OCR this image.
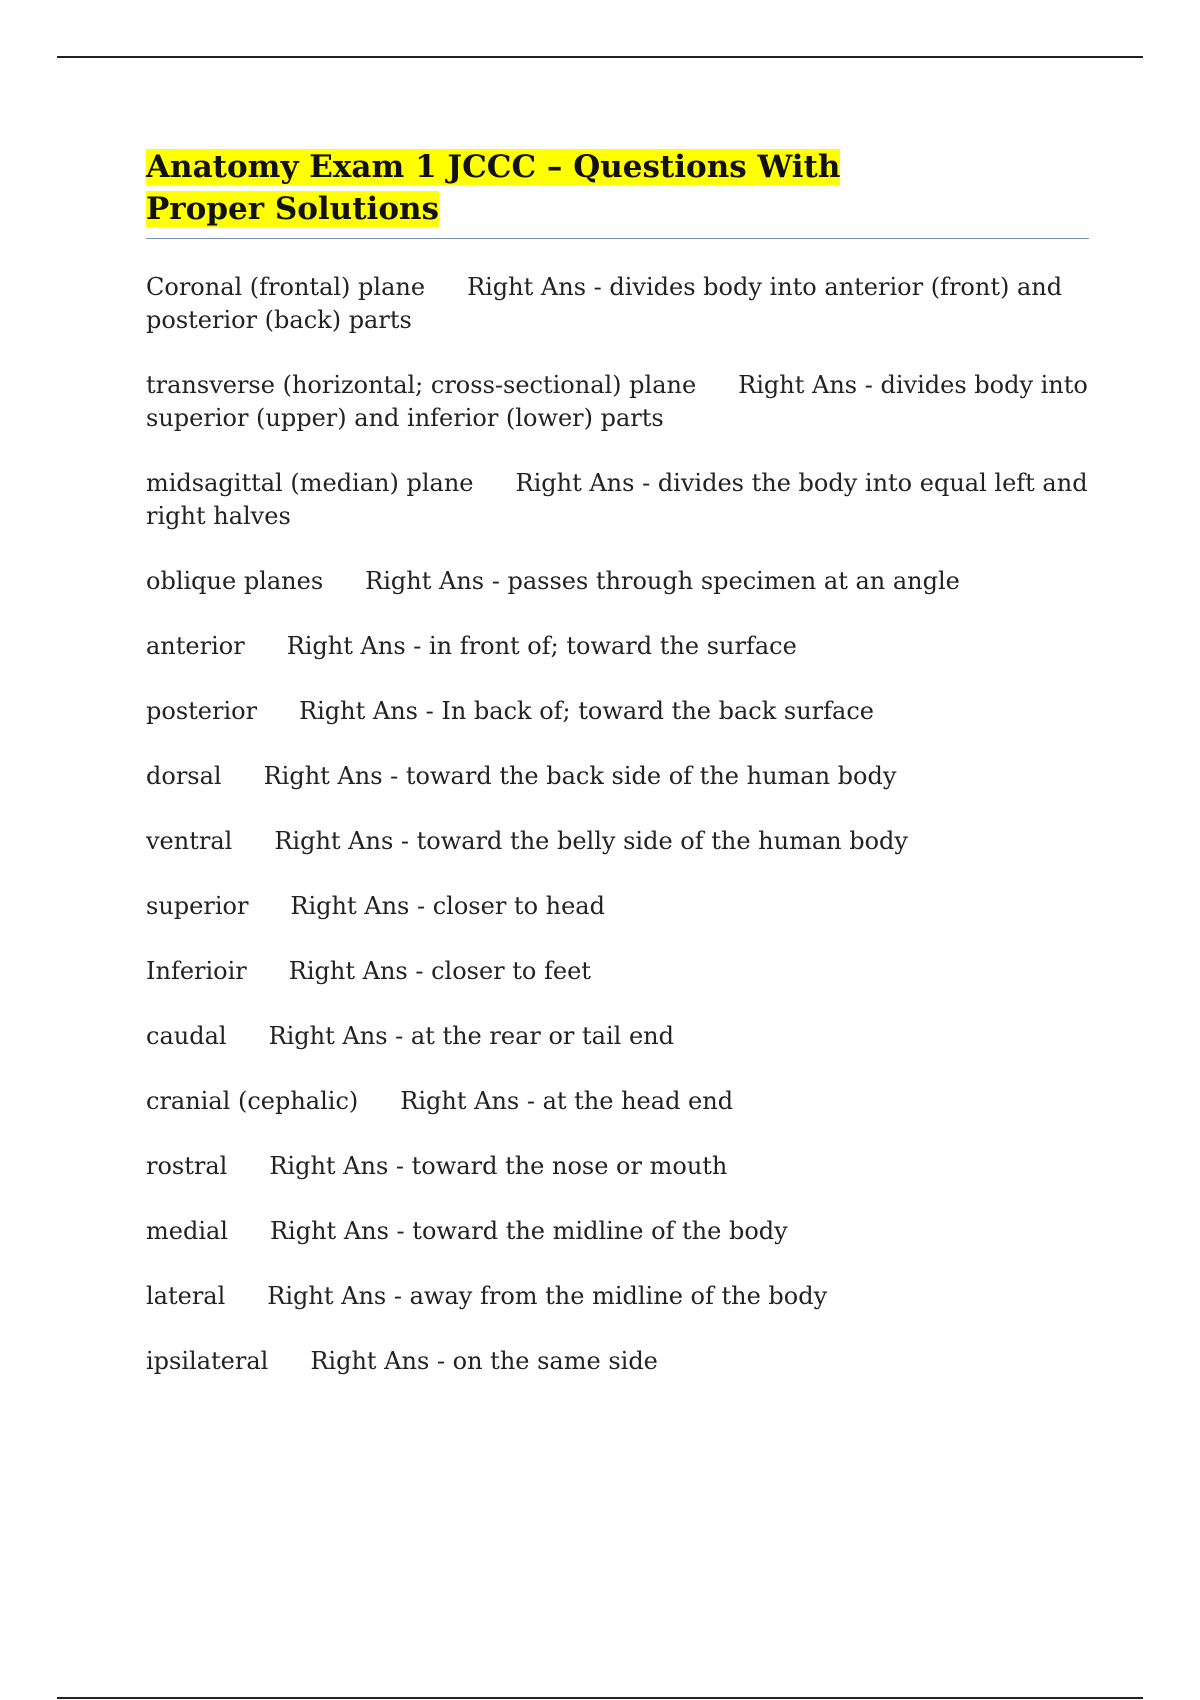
Anatomy Exam 1 JCCC – Questions With Proper Solutions

Coronal (frontal) plane Right Ans - divides body into anterior (front) and posterior (back) parts

transverse (horizontal; cross-sectional) plane Right Ans - divides body into superior (upper) and inferior (lower) parts

midsagittal (median) plane Right Ans - divides the body into equal left and right halves

oblique planes Right Ans - passes through specimen at an angle

anterior Right Ans - in front of; toward the surface

posterior Right Ans - In back of; toward the back surface

dorsal Right Ans - toward the back side of the human body

ventral Right Ans - toward the belly side of the human body

superior Right Ans - closer to head

Inferioir Right Ans - closer to feet

caudal Right Ans - at the rear or tail end

cranial (cephalic) Right Ans - at the head end

rostral Right Ans - toward the nose or mouth

medial Right Ans - toward the midline of the body

lateral Right Ans - away from the midline of the body

ipsilateral Right Ans - on the same side
